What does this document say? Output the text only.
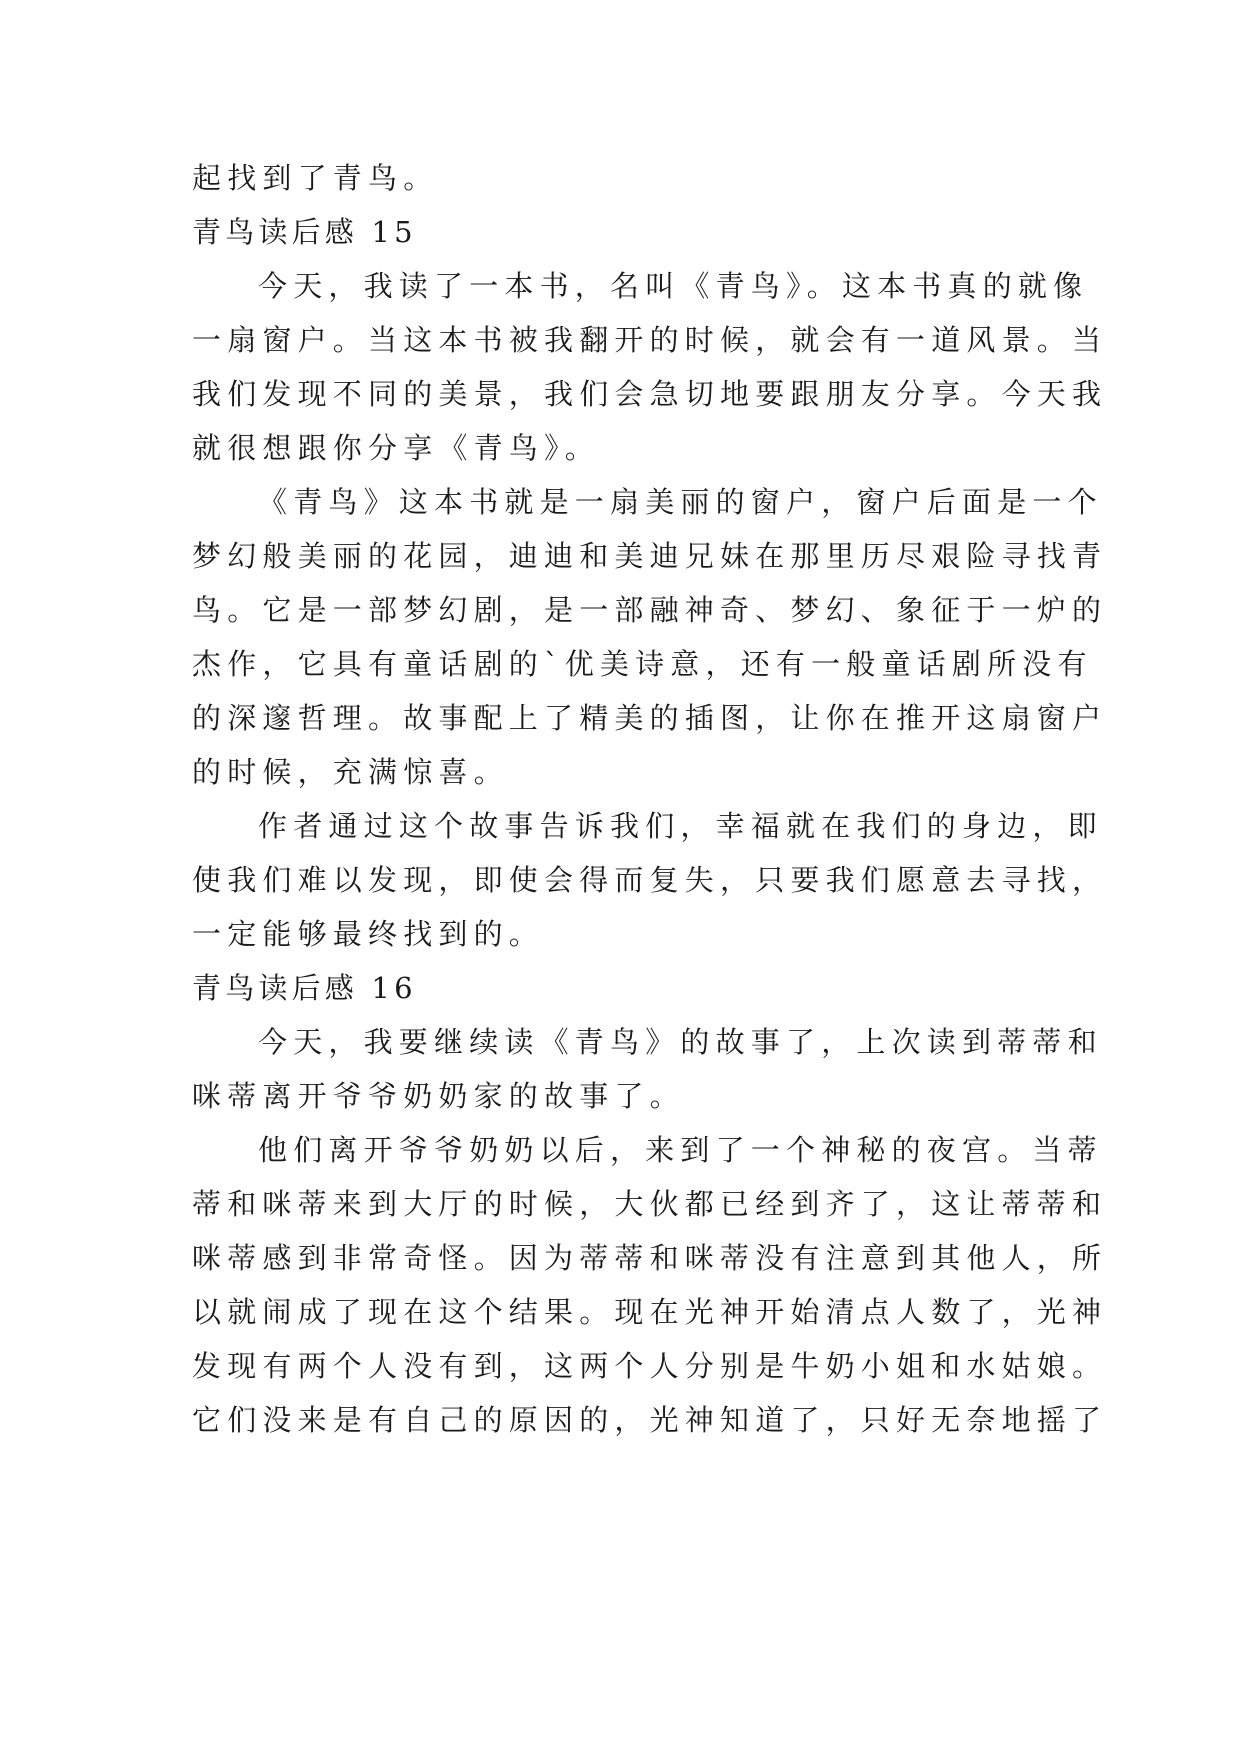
起找到了青鸟。
青鸟读后感 15
今天，我读了一本书，名叫《青鸟》。这本书真的就像
一扇窗户。当这本书被我翻开的时候，就会有一道风景。当
我们发现不同的美景，我们会急切地要跟朋友分享。今天我
就很想跟你分享《青鸟》。
《青鸟》这本书就是一扇美丽的窗户，窗户后面是一个
梦幻般美丽的花园，迪迪和美迪兄妹在那里历尽艰险寻找青
鸟。它是一部梦幻剧，是一部融神奇、梦幻、象征于一炉的
杰作，它具有童话剧的`优美诗意，还有一般童话剧所没有
的深邃哲理。故事配上了精美的插图，让你在推开这扇窗户
的时候，充满惊喜。
作者通过这个故事告诉我们，幸福就在我们的身边，即
使我们难以发现，即使会得而复失，只要我们愿意去寻找，
一定能够最终找到的。
青鸟读后感 16
今天，我要继续读《青鸟》的故事了，上次读到蒂蒂和
咪蒂离开爷爷奶奶家的故事了。
他们离开爷爷奶奶以后，来到了一个神秘的夜宫。当蒂
蒂和咪蒂来到大厅的时候，大伙都已经到齐了，这让蒂蒂和
咪蒂感到非常奇怪。因为蒂蒂和咪蒂没有注意到其他人，所
以就闹成了现在这个结果。现在光神开始清点人数了，光神
发现有两个人没有到，这两个人分别是牛奶小姐和水姑娘。
它们没来是有自己的原因的，光神知道了，只好无奈地摇了
